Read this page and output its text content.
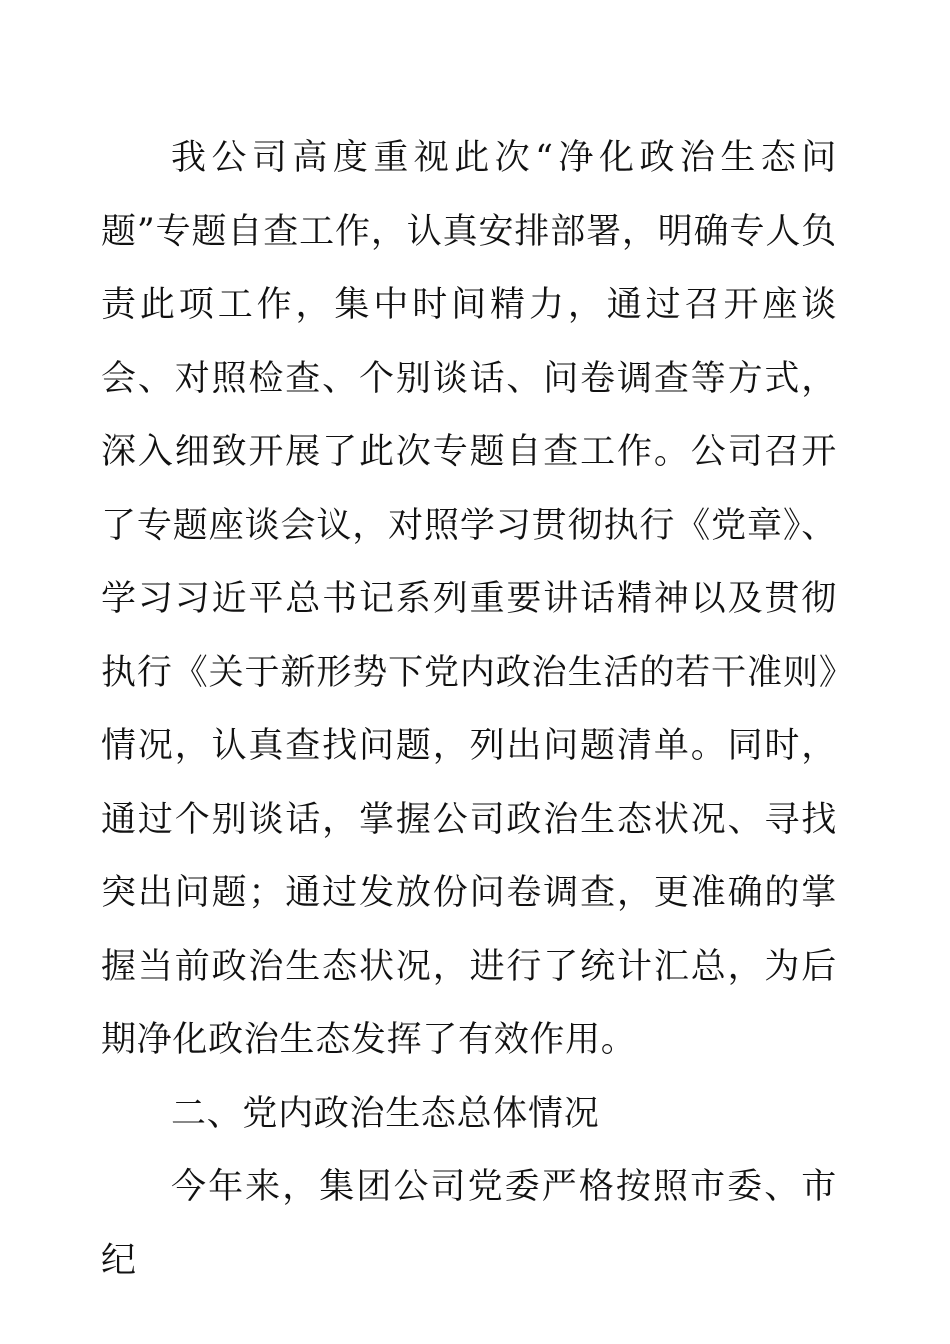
我公司高度重视此次“净化政治生态问题”专题自查工作，认真安排部署，明确专人负责此项工作，集中时间精力，通过召开座谈会、对照检查、个别谈话、问卷调查等方式，深入细致开展了此次专题自查工作。公司召开了专题座谈会议，对照学习贯彻执行《党章》、学习习近平总书记系列重要讲话精神以及贯彻执行《关于新形势下党内政治生活的若干准则》情况，认真查找问题，列出问题清单。同时，通过个别谈话，掌握公司政治生态状况、寻找突出问题；通过发放份问卷调查，更准确的掌握当前政治生态状况，进行了统计汇总，为后期净化政治生态发挥了有效作用。

二、党内政治生态总体情况

今年来，集团公司党委严格按照市委、市纪
